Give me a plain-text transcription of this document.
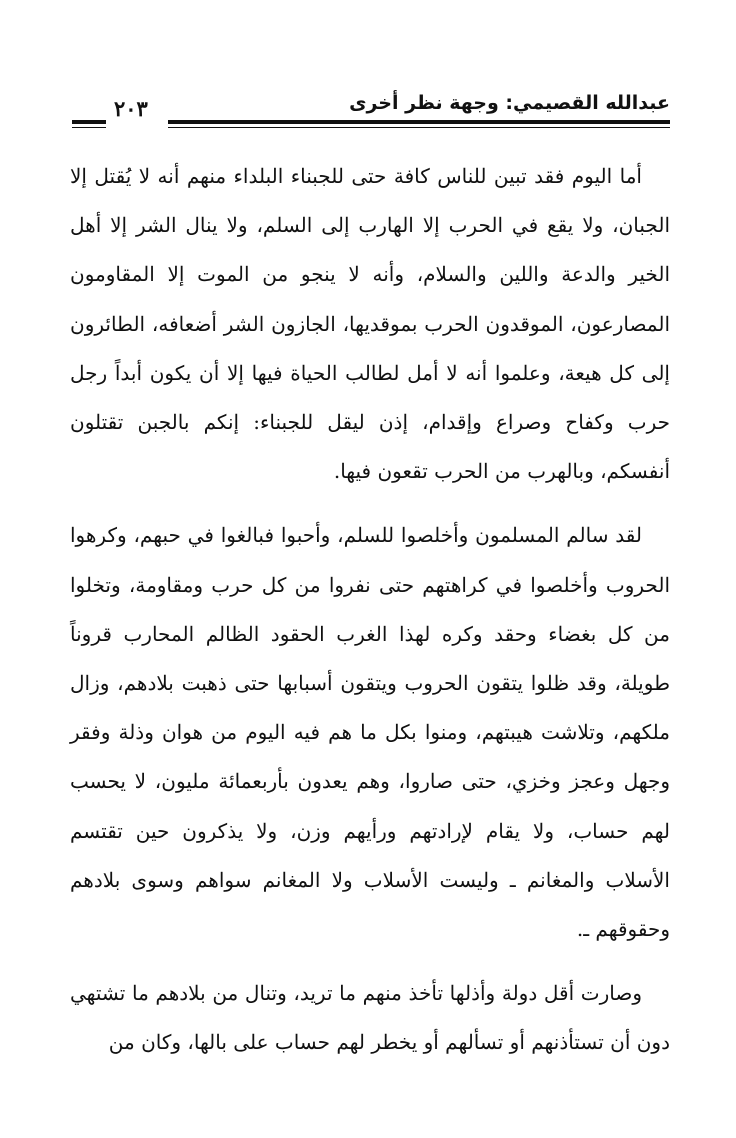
عبدالله القصيمي: وجهة نظر أخرى
٢٠٣

أما اليوم فقد تبين للناس كافة حتى للجبناء البلداء منهم أنه لا يُقتل إلا الجبان، ولا يقع في الحرب إلا الهارب إلى السلم، ولا ينال الشر إلا أهل الخير والدعة واللين والسلام، وأنه لا ينجو من الموت إلا المقاومون المصارعون، الموقدون الحرب بموقديها، الجازون الشر أضعافه، الطائرون إلى كل هيعة، وعلموا أنه لا أمل لطالب الحياة فيها إلا أن يكون أبداً رجل حرب وكفاح وصراع وإقدام، إذن ليقل للجبناء: إنكم بالجبن تقتلون أنفسكم، وبالهرب من الحرب تقعون فيها.

لقد سالم المسلمون وأخلصوا للسلم، وأحبوا فبالغوا في حبهم، وكرهوا الحروب وأخلصوا في كراهتهم حتى نفروا من كل حرب ومقاومة، وتخلوا من كل بغضاء وحقد وكره لهذا الغرب الحقود الظالم المحارب قروناً طويلة، وقد ظلوا يتقون الحروب ويتقون أسبابها حتى ذهبت بلادهم، وزال ملكهم، وتلاشت هيبتهم، ومنوا بكل ما هم فيه اليوم من هوان وذلة وفقر وجهل وعجز وخزي، حتى صاروا، وهم يعدون بأربعمائة مليون، لا يحسب لهم حساب، ولا يقام لإرادتهم ورأيهم وزن، ولا يذكرون حين تقتسم الأسلاب والمغانم ـ وليست الأسلاب ولا المغانم سواهم وسوى بلادهم وحقوقهم ـ.

وصارت أقل دولة وأذلها تأخذ منهم ما تريد، وتنال من بلادهم ما تشتهي دون أن تستأذنهم أو تسألهم أو يخطر لهم حساب على بالها، وكان من
